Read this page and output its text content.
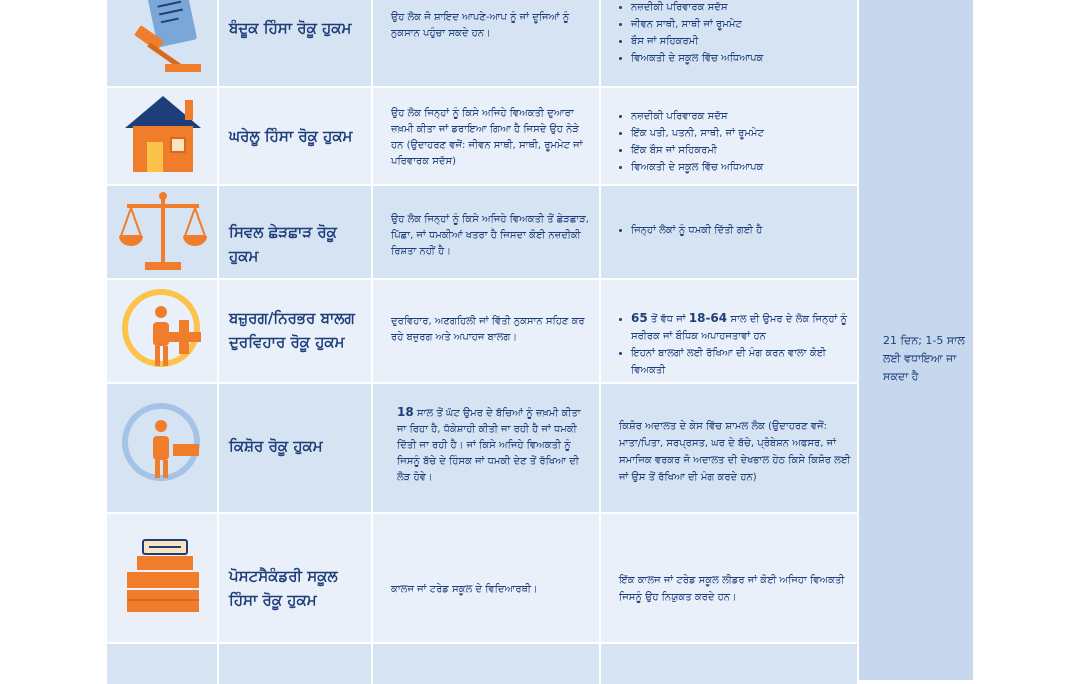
ਬੰਦੂਕ ਹਿੰਸਾ ਰੋਕੂ ਹੁਕਮ
ਉਹ ਲੋਕ ਜੋ ਸ਼ਾਇਦ ਆਪਣੇ-ਆਪ ਨੂੰ ਜਾਂ ਦੂਜਿਆਂ ਨੂੰ ਨੁਕਸਾਨ ਪਹੁੰਚਾ ਸਕਦੇ ਹਨ।
• ਨਜ਼ਦੀਕੀ ਪਰਿਵਾਰਕ ਸਦੱਸ
• ਜੀਵਨ ਸਾਥੀ, ਸਾਥੀ ਜਾਂ ਰੂਮਮੇਟ
• ਬੌਸ ਜਾਂ ਸਹਿਕਰਮੀ
• ਵਿਅਕਤੀ ਦੇ ਸਕੂਲ ਵਿੱਚ ਅਧਿਆਪਕ
ਘਰੇਲੂ ਹਿੰਸਾ ਰੋਕੂ ਹੁਕਮ
ਉਹ ਲੋਕ ਜਿਨ੍ਹਾਂ ਨੂੰ ਕਿਸੇ ਅਜਿਹੇ ਵਿਅਕਤੀ ਦੁਆਰਾ ਜ਼ਖ਼ਮੀ ਕੀਤਾ ਜਾਂ ਡਰਾਇਆ ਗਿਆ ਹੈ ਜਿਸਦੇ ਉਹ ਨੇੜੇ ਹਨ (ਉਦਾਹਰਣ ਵਜੋਂ: ਜੀਵਨ ਸਾਥੀ, ਸਾਥੀ, ਰੂਮਮੇਟ ਜਾਂ ਪਰਿਵਾਰਕ ਸਦੱਸ)
• ਨਜ਼ਦੀਕੀ ਪਰਿਵਾਰਕ ਸਦੱਸ
• ਇੱਕ ਪਤੀ, ਪਤਨੀ, ਸਾਥੀ, ਜਾਂ ਰੂਮਮੇਟ
• ਇੱਕ ਬੌਸ ਜਾਂ ਸਹਿਕਰਮੀ
• ਵਿਅਕਤੀ ਦੇ ਸਕੂਲ ਵਿੱਚ ਅਧਿਆਪਕ
ਸਿਵਲ ਛੇੜਛਾੜ ਰੋਕੂ ਹੁਕਮ
ਉਹ ਲੋਕ ਜਿਨ੍ਹਾਂ ਨੂੰ ਕਿਸੇ ਅਜਿਹੇ ਵਿਅਕਤੀ ਤੋਂ ਛੇੜਛਾੜ, ਪਿੱਛਾ, ਜਾਂ ਧਮਕੀਆਂ ਖਤਰਾ ਹੈ ਜਿਸਦਾ ਕੋਈ ਨਜ਼ਦੀਕੀ ਰਿਸ਼ਤਾ ਨਹੀਂ ਹੈ।
• ਜਿਨ੍ਹਾਂ ਲੋਕਾਂ ਨੂੰ ਧਮਕੀ ਦਿੱਤੀ ਗਈ ਹੈ
ਬਜ਼ੁਰਗ/ਨਿਰਭਰ ਬਾਲਗ ਦੁਰਵਿਹਾਰ ਰੋਕੂ ਹੁਕਮ
ਦੁਰਵਿਹਾਰ, ਅਣਗਹਿਲੀ ਜਾਂ ਵਿੱਤੀ ਨੁਕਸਾਨ ਸਹਿਣ ਕਰ ਰਹੇ ਬਜ਼ੁਰਗ ਅਤੇ ਅਪਾਹਜ ਬਾਲਗ।
• 65 ਤੋਂ ਵੱਧ ਜਾਂ 18-64 ਸਾਲ ਦੀ ਉਮਰ ਦੇ ਲੋਕ ਜਿਨ੍ਹਾਂ ਨੂੰ ਸਰੀਰਕ ਜਾਂ ਬੌਧਿਕ ਅਪਾਹਜਤਾਵਾਂ ਹਨ
• ਇਹਨਾਂ ਬਾਲਗਾਂ ਲਈ ਰੱਖਿਆ ਦੀ ਮੰਗ ਕਰਨ ਵਾਲਾ ਕੋਈ ਵਿਅਕਤੀ
ਕਿਸ਼ੋਰ ਰੋਕੂ ਹੁਕਮ
18 ਸਾਲ ਤੋਂ ਘੱਟ ਉਮਰ ਦੇ ਬੱਚਿਆਂ ਨੂੰ ਜ਼ਖ਼ਮੀ ਕੀਤਾ ਜਾ ਰਿਹਾ ਹੈ, ਧੱਕੇਸ਼ਾਹੀ ਕੀਤੀ ਜਾ ਰਹੀ ਹੈ ਜਾਂ ਧਮਕੀ ਦਿੱਤੀ ਜਾ ਰਹੀ ਹੈ। ਜਾਂ ਕਿਸੇ ਅਜਿਹੇ ਵਿਅਕਤੀ ਨੂੰ ਜਿਸਨੂੰ ਬੱਚੇ ਦੇ ਹਿੰਸਕ ਜਾਂ ਧਮਕੀ ਦੇਣ ਤੋਂ ਰੱਖਿਆ ਦੀ ਲੋੜ ਹੋਵੇ।
ਕਿਸ਼ੋਰ ਅਦਾਲਤ ਦੇ ਕੇਸ ਵਿੱਚ ਸ਼ਾਮਲ ਲੋਕ (ਉਦਾਹਰਣ ਵਜੋਂ: ਮਾਤਾ/ਪਿਤਾ, ਸਰਪ੍ਰਸਤ, ਘਰ ਦੇ ਬੱਚੇ, ਪ੍ਰੋਬੇਸ਼ਨ ਅਫਸਰ, ਜਾਂ ਸਮਾਜਿਕ ਵਰਕਰ ਜੋ ਅਦਾਲਤ ਦੀ ਦੇਖਭਾਲ ਹੇਠ ਕਿਸੇ ਕਿਸ਼ੋਰ ਲਈ ਜਾਂ ਉਸ ਤੋਂ ਰੱਖਿਆ ਦੀ ਮੰਗ ਕਰਦੇ ਹਨ)
ਪੋਸਟਸੈਕੰਡਰੀ ਸਕੂਲ ਹਿੰਸਾ ਰੋਕੂ ਹੁਕਮ
ਕਾਲਜ ਜਾਂ ਟਰੇਡ ਸਕੂਲ ਦੇ ਵਿਦਿਆਰਥੀ।
ਇੱਕ ਕਾਲਜ ਜਾਂ ਟਰੇਡ ਸਕੂਲ ਲੀਡਰ ਜਾਂ ਕੋਈ ਅਜਿਹਾ ਵਿਅਕਤੀ ਜਿਸਨੂੰ ਉਹ ਨਿਯੁਕਤ ਕਰਦੇ ਹਨ।
21 ਦਿਨ; 1-5 ਸਾਲ ਲਈ ਵਧਾਇਆ ਜਾ ਸਕਦਾ ਹੈ
